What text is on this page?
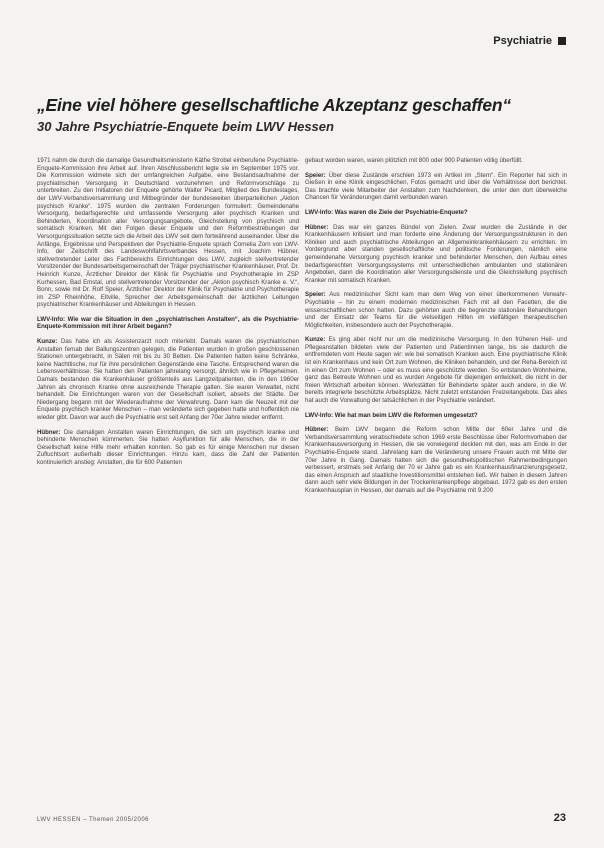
Psychiatrie
„Eine viel höhere gesellschaftliche Akzeptanz geschaffen“
30 Jahre Psychiatrie-Enquete beim LWV Hessen

1971 nahm die durch die damalige Gesundheitsministerin Käthe Strobel einberufene Psychiatrie-Enquete-Kommission ihre Arbeit auf. Ihren Abschlussbericht legte sie im September 1975 vor. Die Kommission widmete sich der umfangreichen Aufgabe, eine Bestandsaufnahme der psychiatrischen Versorgung in Deutschland vorzunehmen und Reformvorschläge zu unterbreiten. Zu den Initiatoren der Enquete gehörte Walter Picard, Mitglied des Bundestages, der LWV-Verbandsversammlung und Mitbegründer der bundesweiten überparteilichen „Aktion psychisch Kranke“. 1975 wurden die zentralen Forderungen formuliert: Gemeindenahe Versorgung, bedarfsgerechte und umfassende Versorgung aller psychisch Kranken und Behinderten, Koordination aller Versorgungsangebote, Gleichstellung von psychisch und somatisch Kranken. Mit den Folgen dieser Enquete und den Reformbestrebungen der Versorgungssituation setzte sich die Arbeit des LWV seit dem fortwährend auseinander. Über die Anfänge, Ergebnisse und Perspektiven der Psychiatrie-Enquete sprach Cornelia Zorn von LWV-Info, der Zeitschrift des Landeswohlfahrtsverbandes Hessen, mit Joachim Hübner, stellvertretender Leiter des Fachbereichs Einrichtungen des LWV, zugleich stellvertretender Vorsitzender der Bundesarbeitsgemeinschaft der Träger psychiatrischer Krankenhäuser, Prof. Dr. Heinrich Kunze, Ärztlicher Direktor der Klinik für Psychiatrie und Psychotherapie im ZSP Kurhessen, Bad Emstal, und stellvertretender Vorsitzender der „Aktion psychisch Kranke e. V.“, Bonn, sowie mit Dr. Rolf Speier, Ärztlicher Direktor der Klinik für Psychiatrie und Psychotherapie im ZSP Rheinhöhe, Eltville, Sprecher der Arbeitsgemeinschaft der ärztlichen Leitungen psychiatrischer Krankenhäuser und Abteilungen in Hessen.

LWV-Info: Wie war die Situation in den „psychiatrischen Anstalten“, als die Psychiatrie-Enquete-Kommission mit ihrer Arbeit begann?

Kunze: Das habe ich als Assistenzarzt noch miterlebt. Damals waren die psychiatrischen Anstalten fernab der Ballungszentren gelegen, die Patienten wurden in großen geschlossenen Stationen untergebracht, in Sälen mit bis zu 30 Betten. Die Patienten hatten keine Schränke, keine Nachttische, nur für ihre persönlichen Gegenstände eine Tasche. Entsprechend waren die Lebensverhältnisse. Sie hatten den Patienten jahrelang versorgt, ähnlich wie in Pflegeheimen. Damals bestanden die Krankenhäuser größtenteils aus Langzeitpatienten, die in den 1960er Jahren als chronisch Kranke ohne ausreichende Therapie galten. Sie waren Verwaltet, nicht behandelt. Die Einrichtungen waren von der Gesellschaft isoliert, abseits der Städte. Der Niedergang begann mit der Wiederaufnahme der Verwahrung. Dann kam die Neuzeit mit der Enquete psychisch kranker Menschen – man veränderte sich gegeben hatte und hoffentlich nie wieder gibt. Davon war auch die Psychiatrie erst seit Anfang der 70er Jahre wieder entfernt.

Hübner: Die damaligen Anstalten waren Einrichtungen, die sich um psychisch kranke und behinderte Menschen kümmerten. Sie hatten Asylfunktion für alle Menschen, die in der Gesellschaft keine Hilfe mehr erhalten konnten. So gab es für einige Menschen nur diesen Zufluchtsort außerhalb dieser Einrichtungen. Hinzu kam, dass die Zahl der Patienten kontinuierlich anstieg: Anstalten, die für 600 Patienten

gebaut worden waren, waren plötzlich mit 800 oder 900 Patienten völlig überfüllt.

Speier: Über diese Zustände erschien 1973 ein Artikel im „Stern“. Ein Reporter hat sich in Gießen in eine Klinik eingeschlichen, Fotos gemacht und über die Verhältnisse dort berichtet. Das brachte viele Mitarbeiter der Anstalten zum Nachdenken, die unter den dort überwelche Chancen für Veränderungen damit verbunden waren.

LWV-Info: Was waren die Ziele der Psychiatrie-Enquete?

Hübner: Das war ein ganzes Bündel von Zielen. Zwar wurden die Zustände in der Krankenhäusern kritisiert und man forderte eine Änderung der Versorgungsstrukturen in den Kliniken und auch psychiatrische Abteilungen an Allgemeinkrankenhäusern zu errichten. Im Vordergrund aber standen gesellschaftliche und politische Forderungen, nämlich eine gemeindenahe Versorgung psychisch kranker und behinderter Menschen, den Aufbau eines bedarfsgerechten Versorgungssystems mit unterschiedlichen ambulanten und stationären Angeboten, dann die Koordination aller Versorgungsdienste und die Gleichstellung psychisch Kranker mit somatisch Kranken.

Speier: Aus medizinischer Sicht kam man dem Weg von einer überkommenen Verwahr-Psychiatrie – hin zu einem modernen medizinischen Fach mit all den Facetten, die die wissenschaftlichen schon hatten. Dazu gehörten auch die begrenzte stationäre Behandlungen und der Einsatz der Teams für die vielseitigen Hilfen im vielfältigen therapeutischen Möglichkeiten, insbesondere auch der Psychotherapie.

Kunze: Es ging aber nicht nur um die medizinische Versorgung. In den früheren Heil- und Pflegeanstalten bildeten viele der Patienten und Patientinnen lange, bis sie dadurch die entfremdeten vom Heute sagen wir: wie bei somatisch Kranken auch. Eine psychiatrische Klinik ist ein Krankenhaus und kein Ort zum Wohnen, die Kliniken behandeln, und der Reha-Bereich ist in einen Ort zum Wohnen – oder es muss eine geschützte werden. So entstanden Wohnheime, ganz das Betreute Wohnen und es wurden Angebote für diejenigen entwickelt, die nicht in der freien Wirtschaft arbeiten können. Werkstätten für Behinderte später auch andere, in die W. bereits integrierte beschützte Arbeitsplätze. Nicht zuletzt entstanden Freizeitangebote. Das alles hat auch die Vorwaltung der tatsächlichen in der Psychiatrie verändert.

LWV-Info: Wie hat man beim LWV die Reformen umgesetzt?

Hübner: Beim LWV begann die Reform schon Mitte der 60er Jahre und die Verbandsversammlung verabschiedete schon 1969 erste Beschlüsse über Reformvorhaben der Krankenhausversorgung in Hessen, die sie vorwiegend deckten mit den, was am Ende in der Psychiatrie-Enquete stand. Jahrelang kam die Veränderung unsere Frauen auch mit Mitte der 70er Jahre in Gang. Damals hatten sich die gesundheitspolitischen Rahmenbedingungen verbessert, erstmals seit Anfang der 70 er Jahre gab es ein Krankenhausfinanzierungsgesetz, das einen Anspruch auf staatliche Investitionsmittel entstehen ließ. Wir haben in diesem Jahren dann auch sehr viele Bildungen in der Trockenkrankenpflege abgebaut. 1972 gab es den ersten Krankenhausplan in Hessen, der damals auf die Psychiatrie mit 9.200

LWV HESSEN – Themen 2005/2006	23
